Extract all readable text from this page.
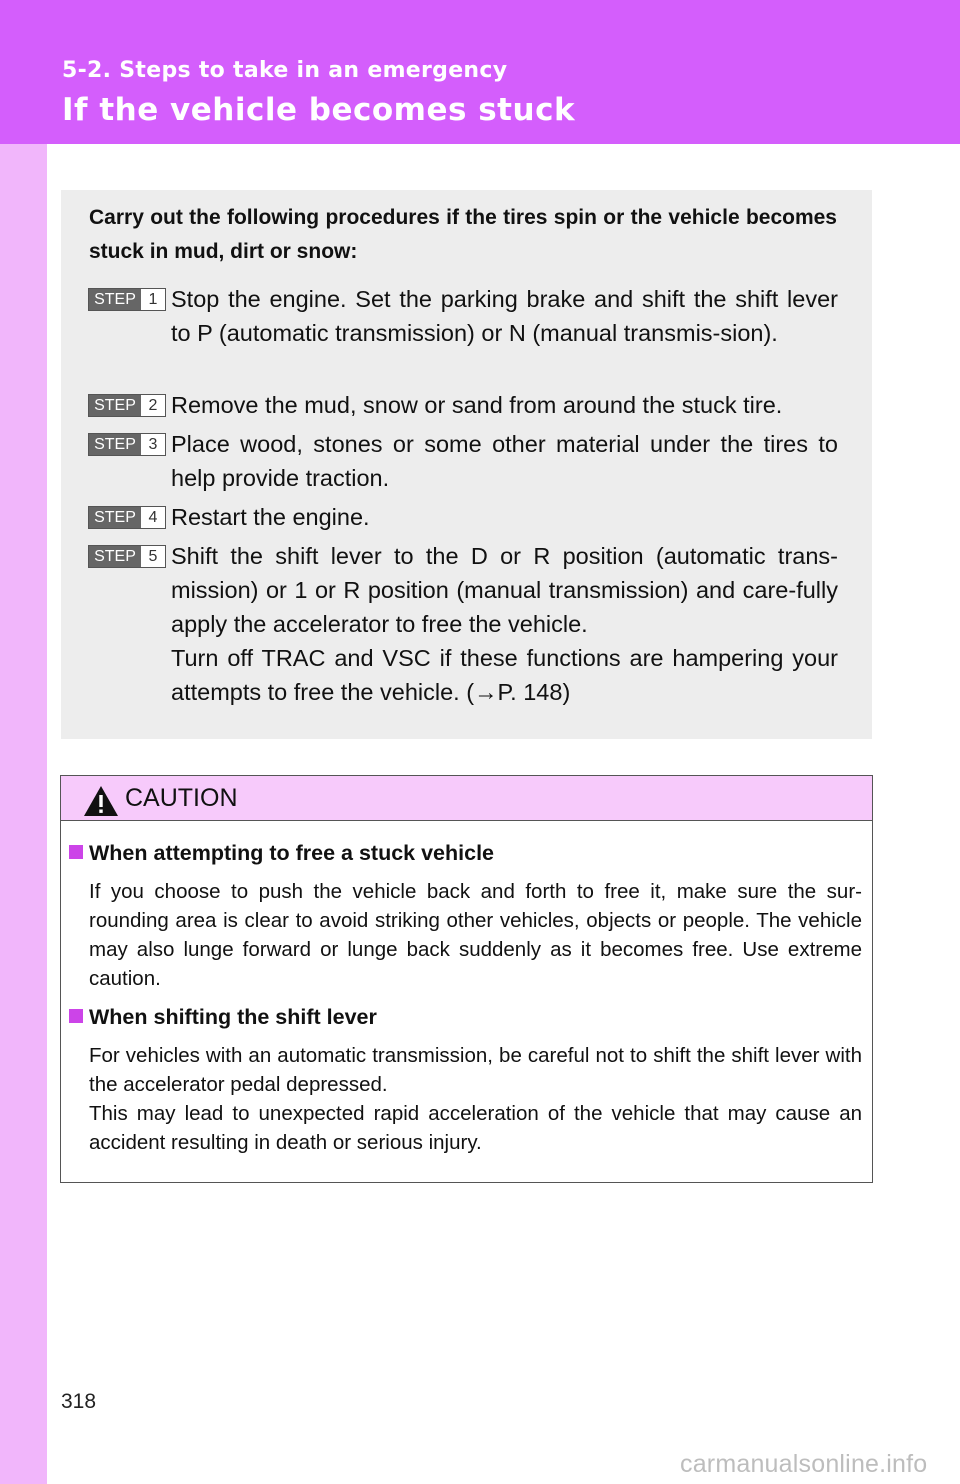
5-2. Steps to take in an emergency
If the vehicle becomes stuck
Carry out the following procedures if the tires spin or the vehicle becomes stuck in mud, dirt or snow:
STEP 1 Stop the engine. Set the parking brake and shift the shift lever to P (automatic transmission) or N (manual transmis-sion).
STEP 2 Remove the mud, snow or sand from around the stuck tire.
STEP 3 Place wood, stones or some other material under the tires to help provide traction.
STEP 4 Restart the engine.
STEP 5 Shift the shift lever to the D or R position (automatic trans-mission) or 1 or R position (manual transmission) and care-fully apply the accelerator to free the vehicle.
Turn off TRAC and VSC if these functions are hampering your attempts to free the vehicle. (→P. 148)
CAUTION
When attempting to free a stuck vehicle
If you choose to push the vehicle back and forth to free it, make sure the sur-rounding area is clear to avoid striking other vehicles, objects or people. The vehicle may also lunge forward or lunge back suddenly as it becomes free. Use extreme caution.
When shifting the shift lever
For vehicles with an automatic transmission, be careful not to shift the shift lever with the accelerator pedal depressed.
This may lead to unexpected rapid acceleration of the vehicle that may cause an accident resulting in death or serious injury.
318
carmanualsonline.info
